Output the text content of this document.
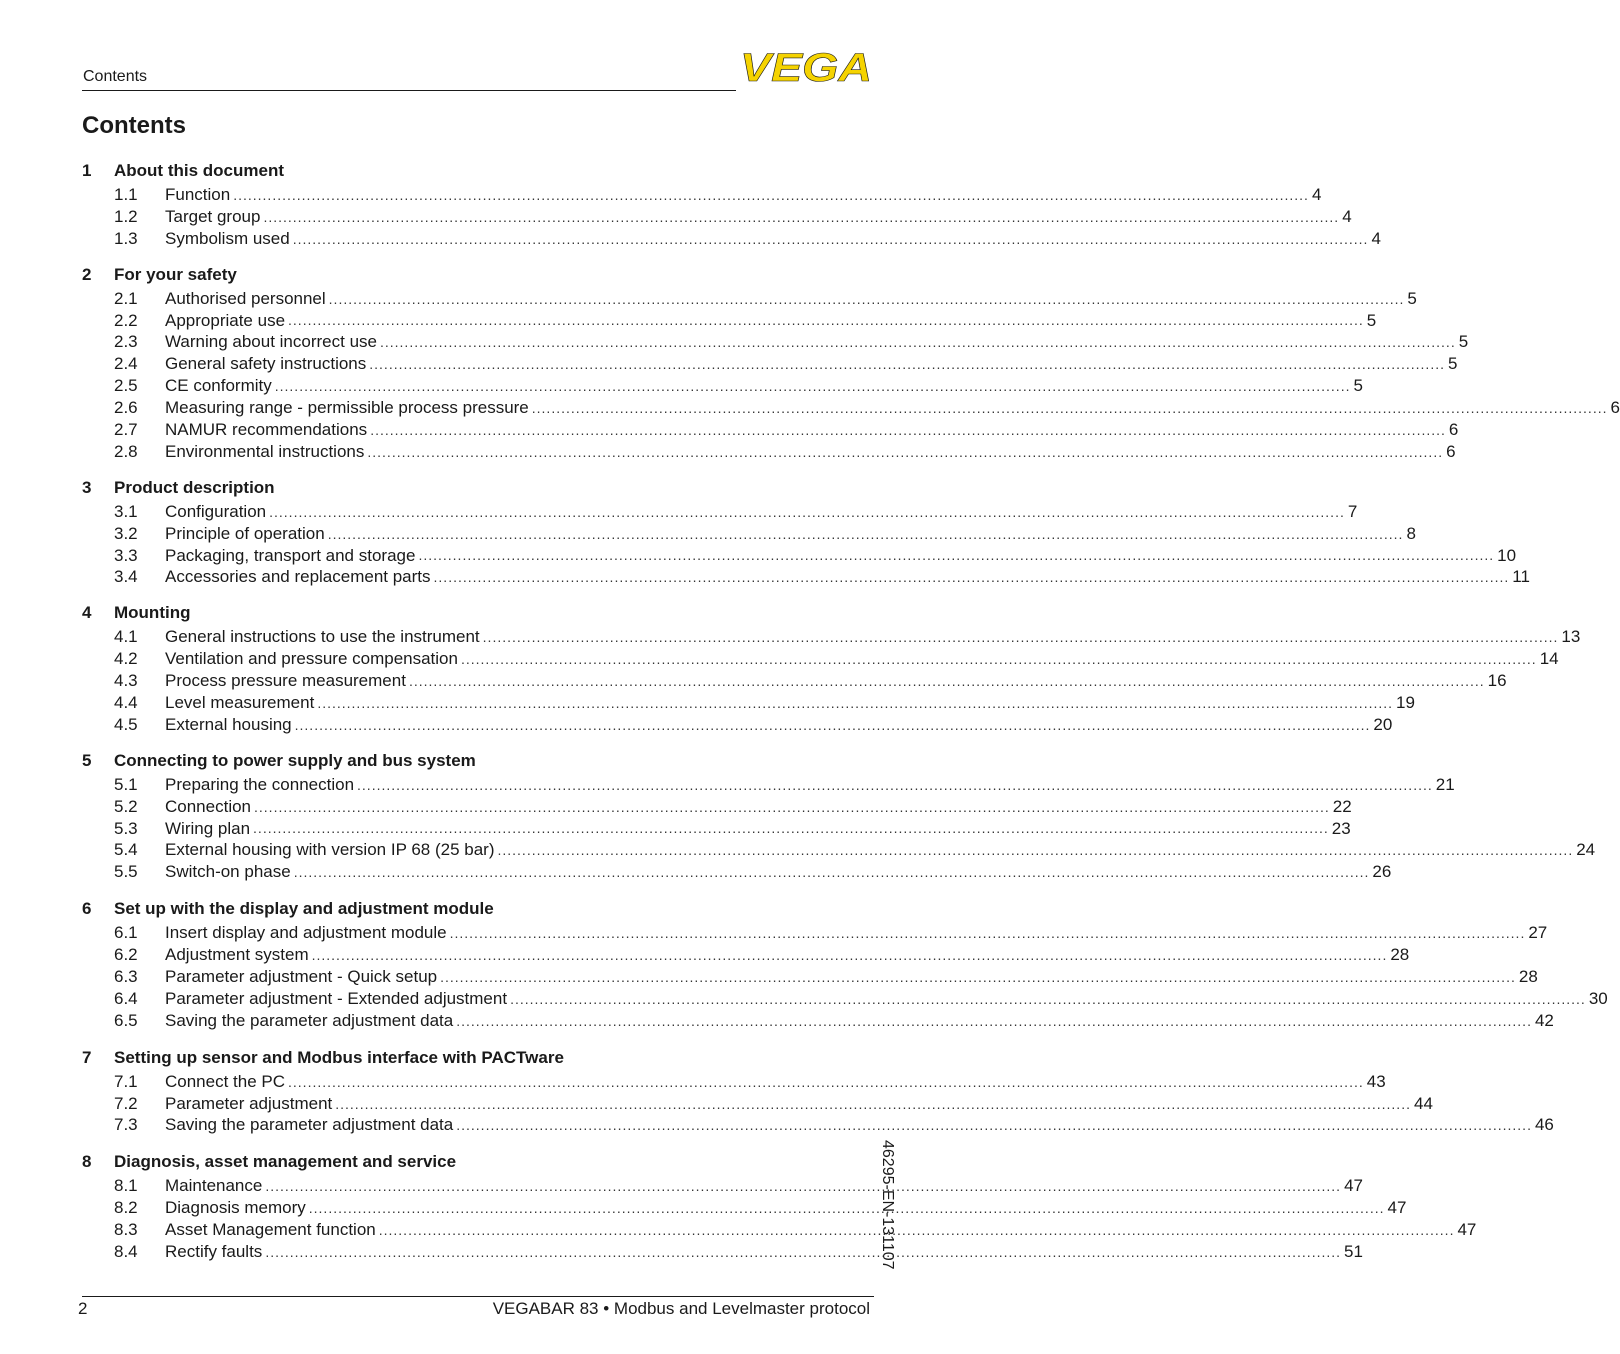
Contents	VEGA
Contents
1	About this document
1.1	Function ............................................................................................................................................................................................................................ 4
1.2	Target group ............................................................................................................................................................................................................................ 4
1.3	Symbolism used ............................................................................................................................................................................................................................ 4
2	For your safety
2.1	Authorised personnel ............................................................................................................................................................................................................................ 5
2.2	Appropriate use ............................................................................................................................................................................................................................ 5
2.3	Warning about incorrect use ............................................................................................................................................................................................................................ 5
2.4	General safety instructions ............................................................................................................................................................................................................................ 5
2.5	CE conformity ............................................................................................................................................................................................................................ 5
2.6	Measuring range - permissible process pressure ............................................................................................................................................................................................................................ 6
2.7	NAMUR recommendations ............................................................................................................................................................................................................................ 6
2.8	Environmental instructions ............................................................................................................................................................................................................................ 6
3	Product description
3.1	Configuration ............................................................................................................................................................................................................................ 7
3.2	Principle of operation ............................................................................................................................................................................................................................ 8
3.3	Packaging, transport and storage ............................................................................................................................................................................................................................ 10
3.4	Accessories and replacement parts ............................................................................................................................................................................................................................ 11
4	Mounting
4.1	General instructions to use the instrument ............................................................................................................................................................................................................................ 13
4.2	Ventilation and pressure compensation ............................................................................................................................................................................................................................ 14
4.3	Process pressure measurement ............................................................................................................................................................................................................................ 16
4.4	Level measurement ............................................................................................................................................................................................................................ 19
4.5	External housing ............................................................................................................................................................................................................................ 20
5	Connecting to power supply and bus system
5.1	Preparing the connection ............................................................................................................................................................................................................................ 21
5.2	Connection ............................................................................................................................................................................................................................ 22
5.3	Wiring plan ............................................................................................................................................................................................................................ 23
5.4	External housing with version IP 68 (25 bar) ............................................................................................................................................................................................................................ 24
5.5	Switch-on phase ............................................................................................................................................................................................................................ 26
6	Set up with the display and adjustment module
6.1	Insert display and adjustment module ............................................................................................................................................................................................................................ 27
6.2	Adjustment system ............................................................................................................................................................................................................................ 28
6.3	Parameter adjustment - Quick setup ............................................................................................................................................................................................................................ 28
6.4	Parameter adjustment - Extended adjustment ............................................................................................................................................................................................................................ 30
6.5	Saving the parameter adjustment data ............................................................................................................................................................................................................................ 42
7	Setting up sensor and Modbus interface with PACTware
7.1	Connect the PC ............................................................................................................................................................................................................................ 43
7.2	Parameter adjustment ............................................................................................................................................................................................................................ 44
7.3	Saving the parameter adjustment data ............................................................................................................................................................................................................................ 46
8	Diagnosis, asset management and service
8.1	Maintenance ............................................................................................................................................................................................................................ 47
8.2	Diagnosis memory ............................................................................................................................................................................................................................ 47
8.3	Asset Management function ............................................................................................................................................................................................................................ 47
8.4	Rectify faults ............................................................................................................................................................................................................................ 51
46295-EN-131107
2	VEGABAR 83 • Modbus and Levelmaster protocol
